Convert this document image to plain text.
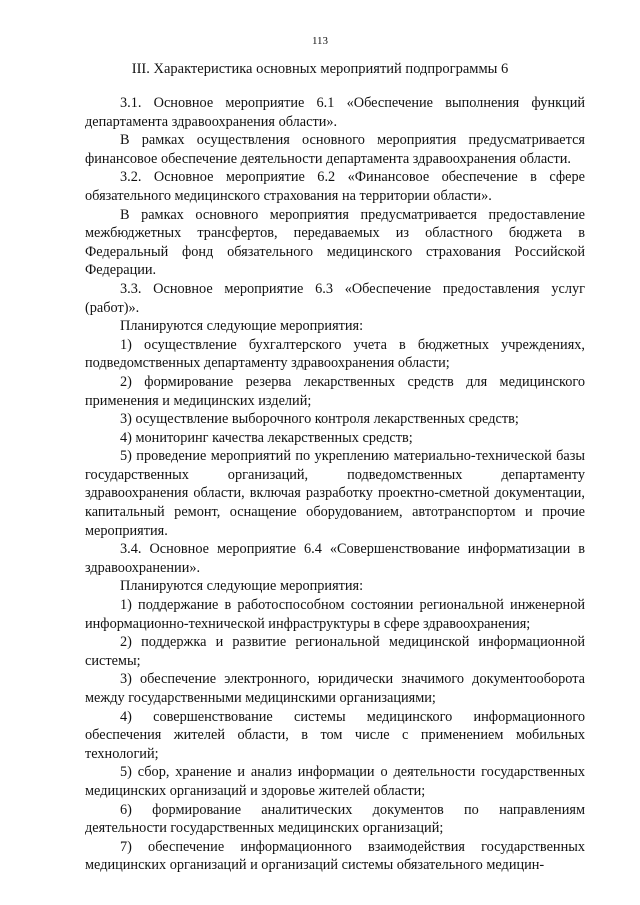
113
III. Характеристика основных мероприятий подпрограммы 6

3.1. Основное мероприятие 6.1 «Обеспечение выполнения функций департамента здравоохранения области».

В рамках осуществления основного мероприятия предусматривается финансовое обеспечение деятельности департамента здравоохранения области.

3.2. Основное мероприятие 6.2 «Финансовое обеспечение в сфере обязательного медицинского страхования на территории области».

В рамках основного мероприятия предусматривается предоставление межбюджетных трансфертов, передаваемых из областного бюджета в Федеральный фонд обязательного медицинского страхования Российской Федерации.

3.3. Основное мероприятие 6.3 «Обеспечение предоставления услуг (работ)».

Планируются следующие мероприятия:

1) осуществление бухгалтерского учета в бюджетных учреждениях, подведомственных департаменту здравоохранения области;

2) формирование резерва лекарственных средств для медицинского применения и медицинских изделий;

3) осуществление выборочного контроля лекарственных средств;

4) мониторинг качества лекарственных средств;

5) проведение мероприятий по укреплению материально-технической базы государственных организаций, подведомственных департаменту здравоохранения области, включая разработку проектно-сметной документации, капитальный ремонт, оснащение оборудованием, автотранспортом и прочие мероприятия.

3.4. Основное мероприятие 6.4 «Совершенствование информатизации в здравоохранении».

Планируются следующие мероприятия:

1) поддержание в работоспособном состоянии региональной инженерной информационно-технической инфраструктуры в сфере здравоохранения;

2) поддержка и развитие региональной медицинской информационной системы;

3) обеспечение электронного, юридически значимого документооборота между государственными медицинскими организациями;

4) совершенствование системы медицинского информационного обеспечения жителей области, в том числе с применением мобильных технологий;

5) сбор, хранение и анализ информации о деятельности государственных медицинских организаций и здоровье жителей области;

6) формирование аналитических документов по направлениям деятельности государственных медицинских организаций;

7) обеспечение информационного взаимодействия государственных медицинских организаций и организаций системы обязательного медицин-
